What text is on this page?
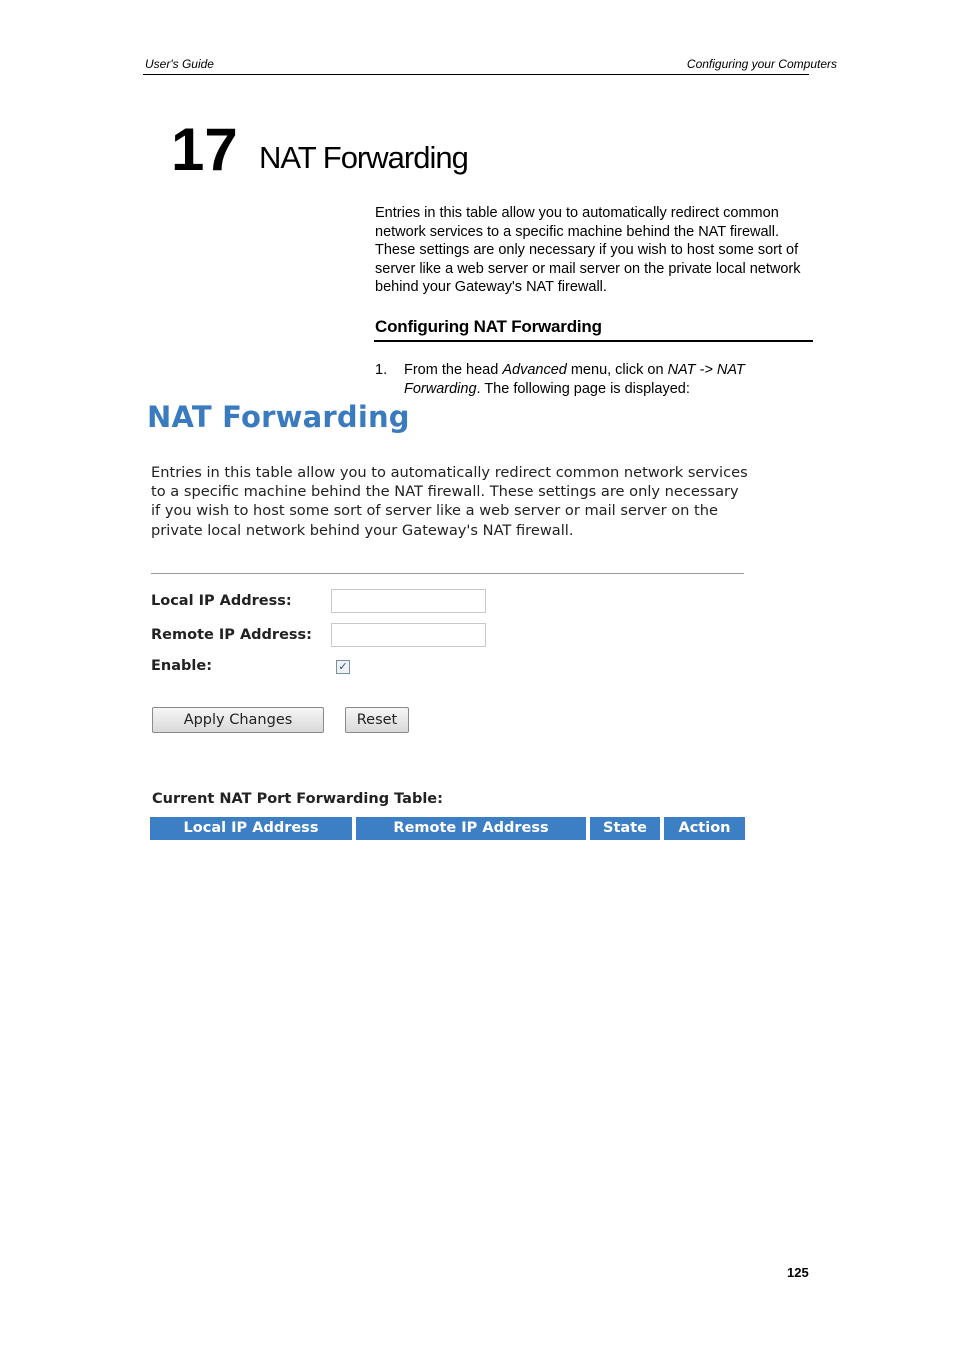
User's Guide	Configuring your Computers
17 NAT Forwarding
Entries in this table allow you to automatically redirect common network services to a specific machine behind the NAT firewall. These settings are only necessary if you wish to host some sort of server like a web server or mail server on the private local network behind your Gateway's NAT firewall.
Configuring NAT Forwarding
1. From the head Advanced menu, click on NAT -> NAT Forwarding. The following page is displayed:
NAT Forwarding
Entries in this table allow you to automatically redirect common network services to a specific machine behind the NAT firewall. These settings are only necessary if you wish to host some sort of server like a web server or mail server on the private local network behind your Gateway's NAT firewall.
Local IP Address:
Remote IP Address:
Enable:	✓
Apply Changes	Reset
Current NAT Port Forwarding Table:
Local IP Address	Remote IP Address	State	Action
125
